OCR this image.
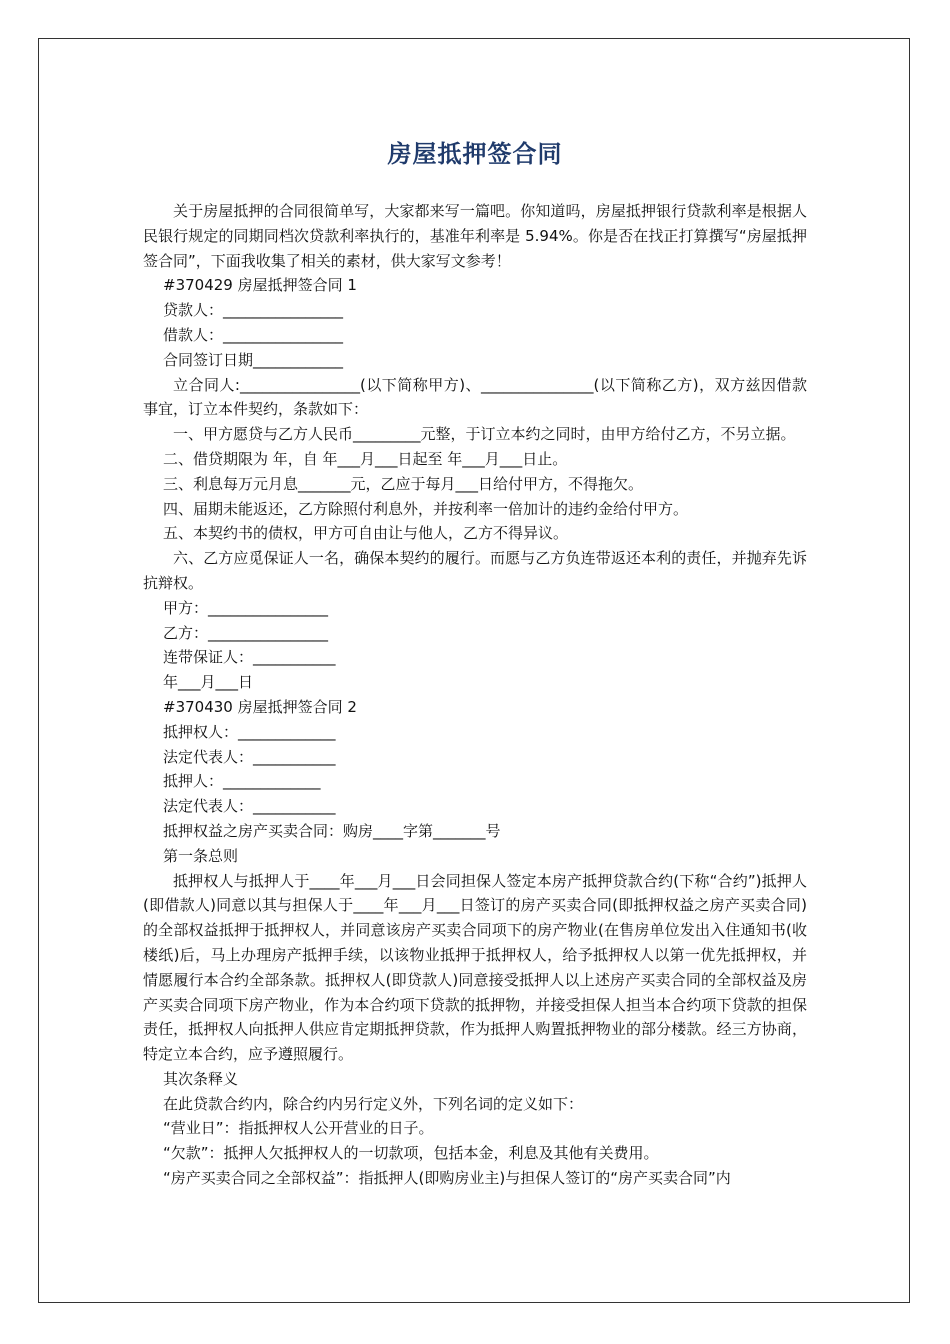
房屋抵押签合同

关于房屋抵押的合同很简单写，大家都来写一篇吧。你知道吗，房屋抵押银行贷款利率是根据人民银行规定的同期同档次贷款利率执行的，基准年利率是 5.94%。你是否在找正打算撰写“房屋抵押签合同”，下面我收集了相关的素材，供大家写文参考！

#370429 房屋抵押签合同 1

贷款人：________________

借款人：________________

合同签订日期____________

立合同人:________________(以下简称甲方)、_______________(以下简称乙方)，双方兹因借款事宜，订立本件契约，条款如下：

一、甲方愿贷与乙方人民币_________元整，于订立本约之同时，由甲方给付乙方，不另立据。

二、借贷期限为 年，自 年___月___日起至 年___月___日止。

三、利息每万元月息_______元，乙应于每月___日给付甲方，不得拖欠。

四、届期未能返还，乙方除照付利息外，并按利率一倍加计的违约金给付甲方。

五、本契约书的债权，甲方可自由让与他人，乙方不得异议。

六、乙方应觅保证人一名，确保本契约的履行。而愿与乙方负连带返还本利的责任，并抛弃先诉抗辩权。

甲方：________________

乙方：________________

连带保证人：___________

年___月___日

#370430 房屋抵押签合同 2

抵押权人：_____________

法定代表人：___________

抵押人：_____________

法定代表人：___________

抵押权益之房产买卖合同：购房____字第_______号

第一条总则

抵押权人与抵押人于____年___月___日会同担保人签定本房产抵押贷款合约(下称“合约”)抵押人(即借款人)同意以其与担保人于____年___月___日签订的房产买卖合同(即抵押权益之房产买卖合同)的全部权益抵押于抵押权人，并同意该房产买卖合同项下的房产物业(在售房单位发出入住通知书(收楼纸)后，马上办理房产抵押手续，以该物业抵押于抵押权人，给予抵押权人以第一优先抵押权，并情愿履行本合约全部条款。抵押权人(即贷款人)同意接受抵押人以上述房产买卖合同的全部权益及房产买卖合同项下房产物业，作为本合约项下贷款的抵押物，并接受担保人担当本合约项下贷款的担保责任，抵押权人向抵押人供应肯定期抵押贷款，作为抵押人购置抵押物业的部分楼款。经三方协商，特定立本合约，应予遵照履行。

其次条释义

在此贷款合约内，除合约内另行定义外，下列名词的定义如下：

“营业日”：指抵押权人公开营业的日子。

“欠款”：抵押人欠抵押权人的一切款项，包括本金，利息及其他有关费用。

“房产买卖合同之全部权益”：指抵押人(即购房业主)与担保人签订的“房产买卖合同”内
